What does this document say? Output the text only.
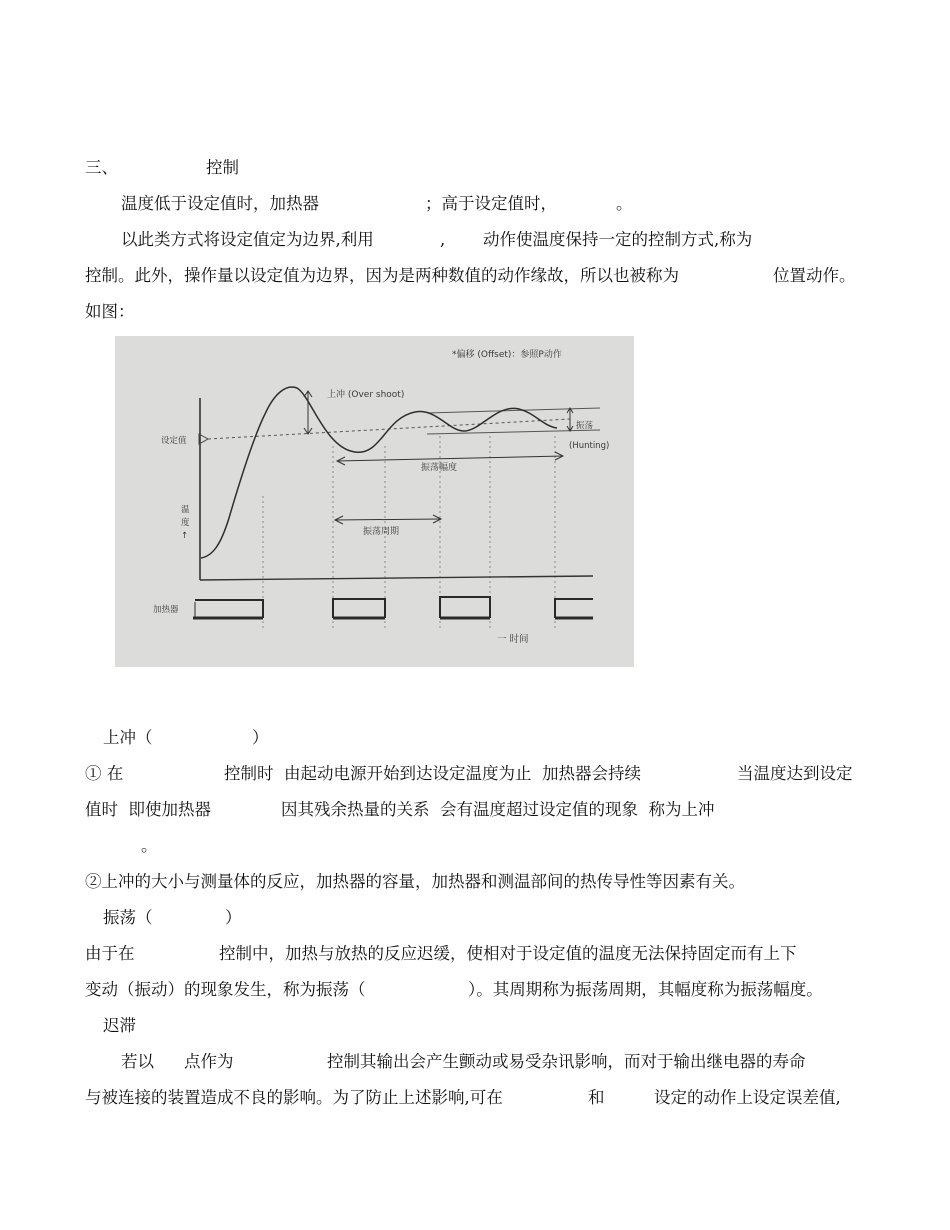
三、	控制

温度低于设定值时，加热器	；高于设定值时，	。

以此类方式将设定值定为边界,利用	, 动作使温度保持一定的控制方式,称为

控制。此外，操作量以设定值为边界，因为是两种数值的动作缘故，所以也被称为	位置动作。

如图：

*偏移 (Offset)：参照P动作
上冲 (Over shoot)
设定值
温
度
↑
振荡
(Hunting)
振荡幅度
振荡周期
加热器
一 时间

上冲（	）

① 在	控制时  由起动电源开始到达设定温度为止  加热器会持续	当温度达到设定

值时  即使加热器	因其残余热量的关系  会有温度超过设定值的现象  称为上冲

。

②上冲的大小与测量体的反应，加热器的容量，加热器和测温部间的热传导性等因素有关。

振荡（	）

由于在	控制中，加热与放热的反应迟缓，使相对于设定值的温度无法保持固定而有上下

变动（振动）的现象发生，称为振荡（	）。其周期称为振荡周期，其幅度称为振荡幅度。

迟滞

若以 点作为	控制其输出会产生颤动或易受杂讯影响，而对于输出继电器的寿命

与被连接的装置造成不良的影响。为了防止上述影响,可在	和	设定的动作上设定误差值,
